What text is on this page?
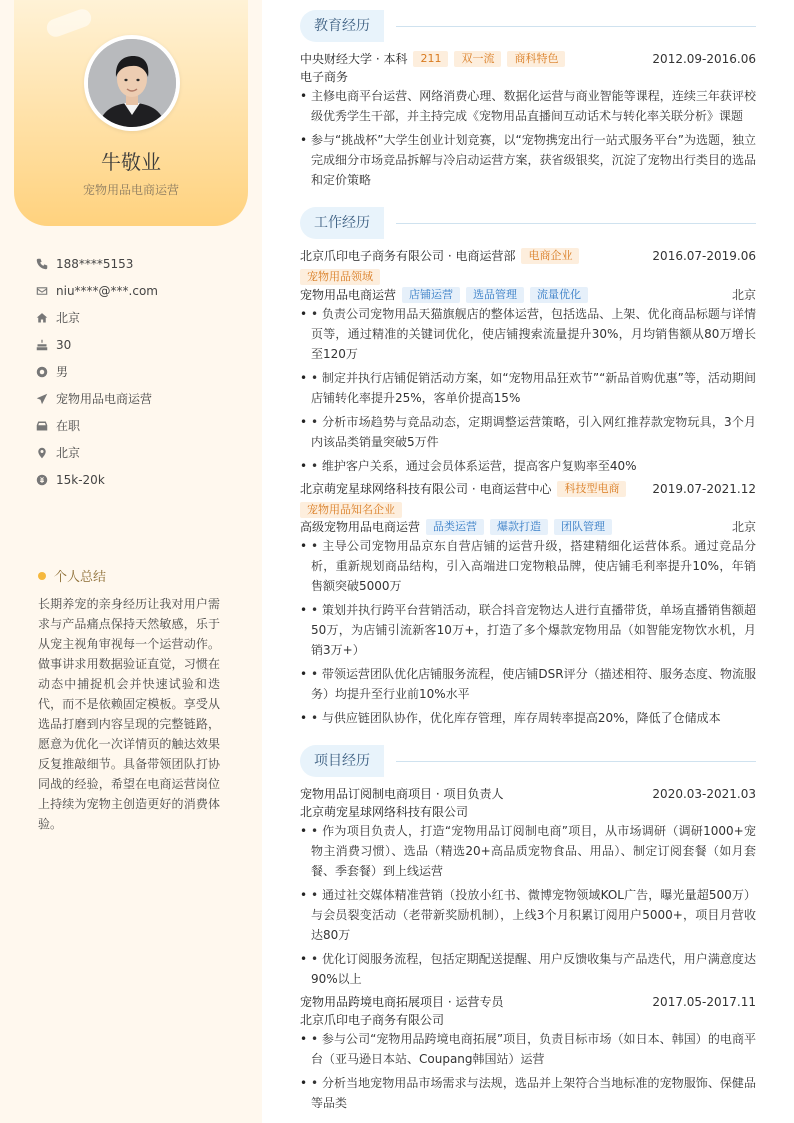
牛敬业
宠物用品电商运营
188****5153
niu****@***.com
北京
30
男
宠物用品电商运营
在职
北京
15k-20k
个人总结

长期养宠的亲身经历让我对用户需求与产品痛点保持天然敏感，乐于从宠主视角审视每一个运营动作。做事讲求用数据验证直觉，习惯在动态中捕捉机会并快速试验和迭代，而不是依赖固定模板。享受从选品打磨到内容呈现的完整链路，愿意为优化一次详情页的触达效果反复推敲细节。具备带领团队打协同战的经验，希望在电商运营岗位上持续为宠物主创造更好的消费体验。

教育经历
中央财经大学 · 本科	211	双一流	商科特色	2012.09-2016.06
电子商务
• 主修电商平台运营、网络消费心理、数据化运营与商业智能等课程，连续三年获评校级优秀学生干部，并主持完成《宠物用品直播间互动话术与转化率关联分析》课题
• 参与“挑战杯”大学生创业计划竞赛，以“宠物携宠出行一站式服务平台”为选题，独立完成细分市场竞品拆解与冷启动运营方案，获省级银奖，沉淀了宠物出行类目的选品和定价策略
工作经历
北京爪印电子商务有限公司 · 电商运营部	电商企业	2016.07-2019.06
宠物用品领域
宠物用品电商运营	店铺运营	选品管理	流量优化	北京
• • 负责公司宠物用品天猫旗舰店的整体运营，包括选品、上架、优化商品标题与详情页等，通过精准的关键词优化，使店铺搜索流量提升30%，月均销售额从80万增长至120万
• • 制定并执行店铺促销活动方案，如“宠物用品狂欢节”“新品首购优惠”等，活动期间店铺转化率提升25%，客单价提高15%
• • 分析市场趋势与竞品动态，定期调整运营策略，引入网红推荐款宠物玩具，3个月内该品类销量突破5万件
• • 维护客户关系，通过会员体系运营，提高客户复购率至40%
北京萌宠星球网络科技有限公司 · 电商运营中心	科技型电商	2019.07-2021.12
宠物用品知名企业
高级宠物用品电商运营	品类运营	爆款打造	团队管理	北京
• • 主导公司宠物用品京东自营店铺的运营升级，搭建精细化运营体系。通过竞品分析，重新规划商品结构，引入高端进口宠物粮品牌，使店铺毛利率提升10%，年销售额突破5000万
• • 策划并执行跨平台营销活动，联合抖音宠物达人进行直播带货，单场直播销售额超50万，为店铺引流新客10万+，打造了多个爆款宠物用品（如智能宠物饮水机，月销3万+）
• • 带领运营团队优化店铺服务流程，使店铺DSR评分（描述相符、服务态度、物流服务）均提升至行业前10%水平
• • 与供应链团队协作，优化库存管理，库存周转率提高20%，降低了仓储成本
项目经历
宠物用品订阅制电商项目 · 项目负责人	2020.03-2021.03
北京萌宠星球网络科技有限公司
• • 作为项目负责人，打造“宠物用品订阅制电商”项目，从市场调研（调研1000+宠物主消费习惯）、选品（精选20+高品质宠物食品、用品）、制定订阅套餐（如月套餐、季套餐）到上线运营
• • 通过社交媒体精准营销（投放小红书、微博宠物领域KOL广告，曝光量超500万）与会员裂变活动（老带新奖励机制），上线3个月积累订阅用户5000+，项目月营收达80万
• • 优化订阅服务流程，包括定期配送提醒、用户反馈收集与产品迭代，用户满意度达90%以上
宠物用品跨境电商拓展项目 · 运营专员	2017.05-2017.11
北京爪印电子商务有限公司
• • 参与公司“宠物用品跨境电商拓展”项目，负责目标市场（如日本、韩国）的电商平台（亚马逊日本站、Coupang韩国站）运营
• • 分析当地宠物用品市场需求与法规，选品并上架符合当地标准的宠物服饰、保健品等品类
